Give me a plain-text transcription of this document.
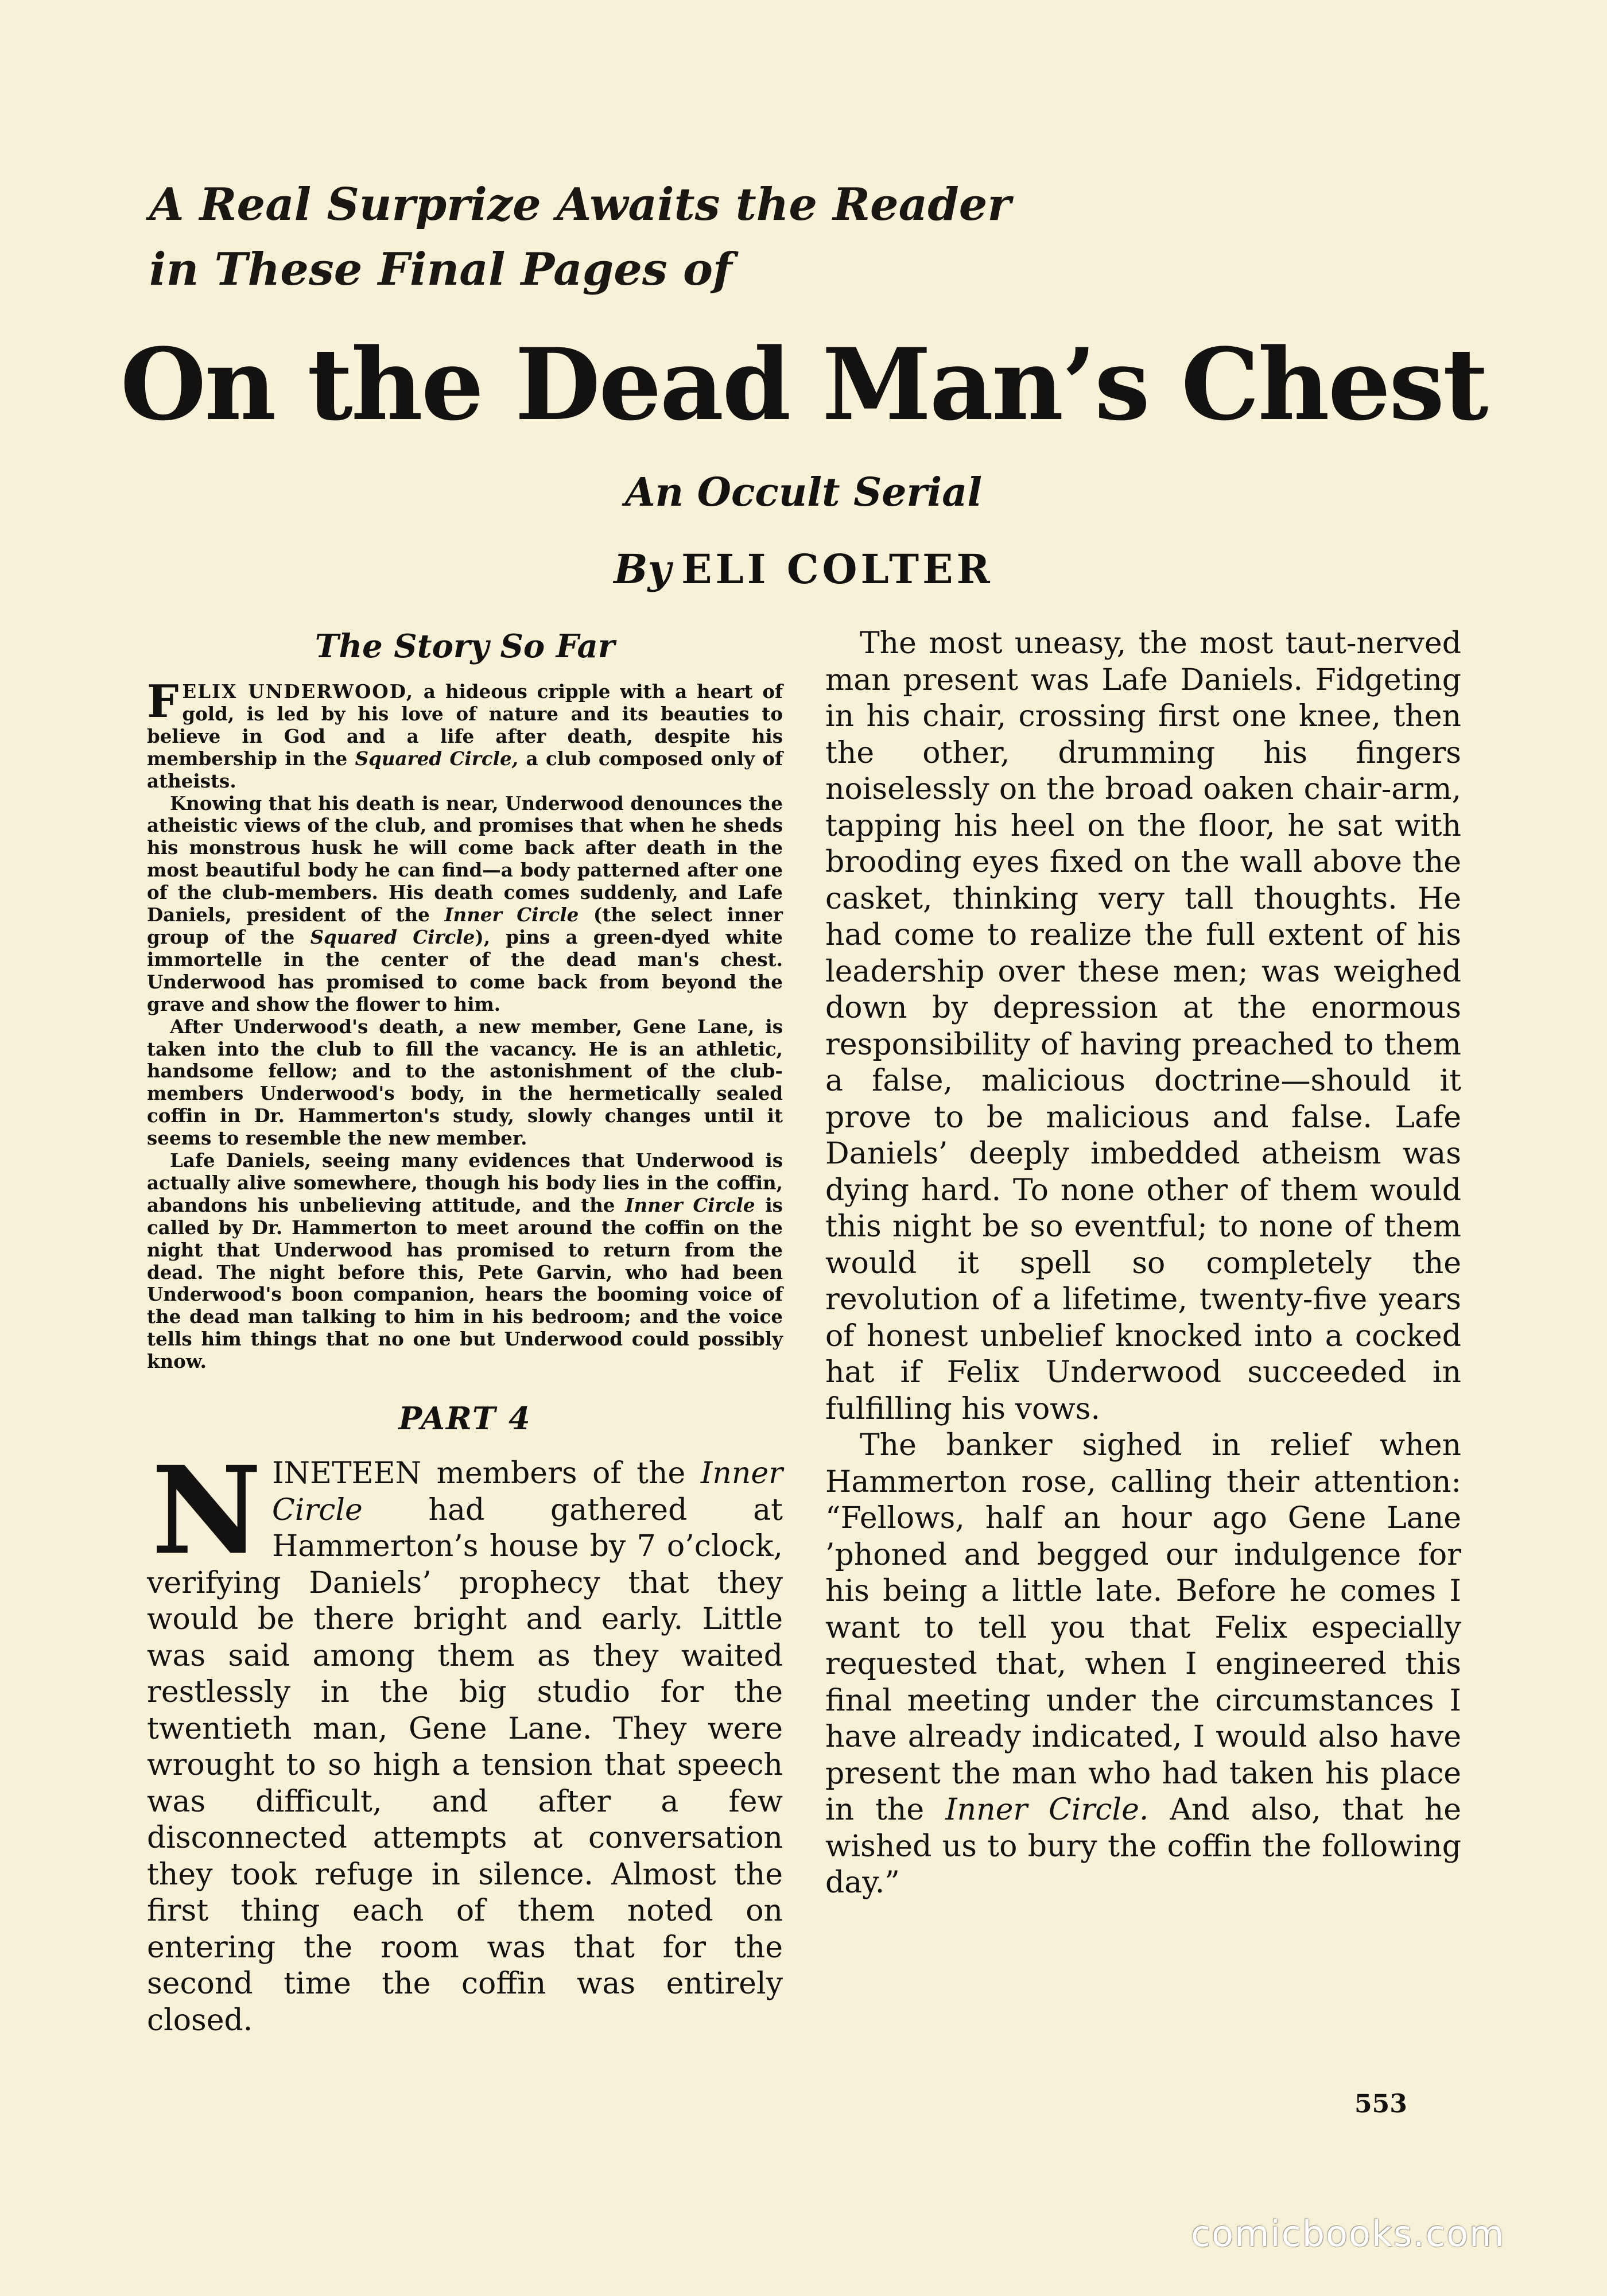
A Real Surprize Awaits the Reader
in These Final Pages of
On the Dead Man’s Chest

An Occult Serial

By ELI COLTER

The Story So Far

FELIX UNDERWOOD, a hideous cripple with a heart of gold, is led by his love of nature and its beauties to believe in God and a life after death, despite his membership in the Squared Circle, a club composed only of atheists.

Knowing that his death is near, Underwood denounces the atheistic views of the club, and promises that when he sheds his monstrous husk he will come back after death in the most beautiful body he can find—a body patterned after one of the club-members. His death comes suddenly, and Lafe Daniels, president of the Inner Circle (the select inner group of the Squared Circle), pins a green-dyed white immortelle in the center of the dead man's chest. Underwood has promised to come back from beyond the grave and show the flower to him.

After Underwood's death, a new member, Gene Lane, is taken into the club to fill the vacancy. He is an athletic, handsome fellow; and to the astonishment of the club-members Underwood's body, in the hermetically sealed coffin in Dr. Hammerton's study, slowly changes until it seems to resemble the new member.

Lafe Daniels, seeing many evidences that Underwood is actually alive somewhere, though his body lies in the coffin, abandons his unbelieving attitude, and the Inner Circle is called by Dr. Hammerton to meet around the coffin on the night that Underwood has promised to return from the dead. The night before this, Pete Garvin, who had been Underwood's boon companion, hears the booming voice of the dead man talking to him in his bedroom; and the voice tells him things that no one but Underwood could possibly know.

PART 4

NINETEEN members of the Inner Circle had gathered at Hammerton’s house by 7 o’clock, verifying Daniels’ prophecy that they would be there bright and early. Little was said among them as they waited restlessly in the big studio for the twentieth man, Gene Lane. They were wrought to so high a tension that speech was difficult, and after a few disconnected attempts at conversation they took refuge in silence. Almost the first thing each of them noted on entering the room was that for the second time the coffin was entirely closed.

The most uneasy, the most taut-nerved man present was Lafe Daniels. Fidgeting in his chair, crossing first one knee, then the other, drumming his fingers noiselessly on the broad oaken chair-arm, tapping his heel on the floor, he sat with brooding eyes fixed on the wall above the casket, thinking very tall thoughts. He had come to realize the full extent of his leadership over these men; was weighed down by depression at the enormous responsibility of having preached to them a false, malicious doctrine—should it prove to be malicious and false. Lafe Daniels’ deeply imbedded atheism was dying hard. To none other of them would this night be so eventful; to none of them would it spell so completely the revolution of a lifetime, twenty-five years of honest unbelief knocked into a cocked hat if Felix Underwood succeeded in fulfilling his vows.

The banker sighed in relief when Hammerton rose, calling their attention: “Fellows, half an hour ago Gene Lane ’phoned and begged our indulgence for his being a little late. Before he comes I want to tell you that Felix especially requested that, when I engineered this final meeting under the circumstances I have already indicated, I would also have present the man who had taken his place in the Inner Circle. And also, that he wished us to bury the coffin the following day.”

553

comicbooks.com
